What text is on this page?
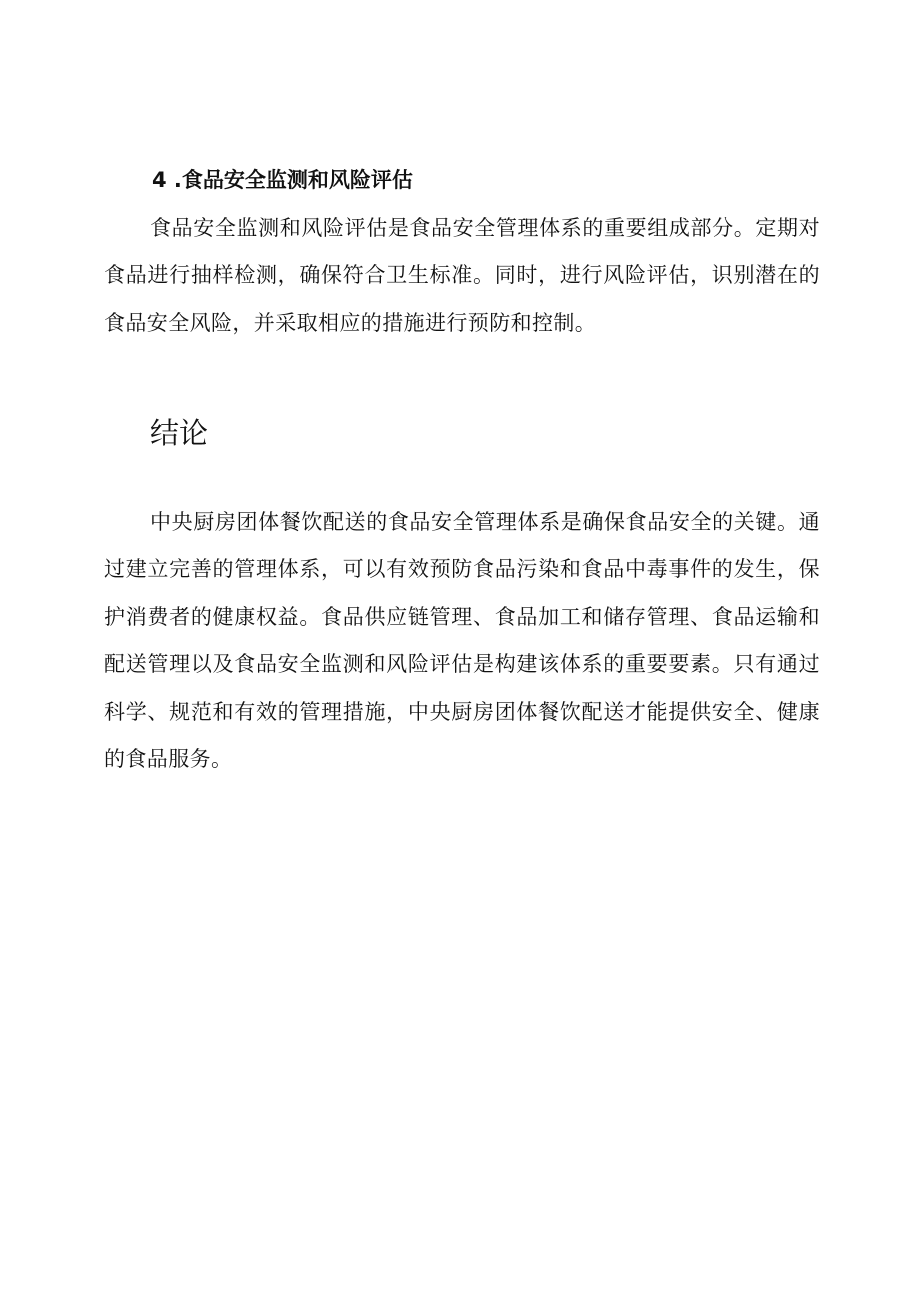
4 .食品安全监测和风险评估

食品安全监测和风险评估是食品安全管理体系的重要组成部分。定期对食品进行抽样检测，确保符合卫生标准。同时，进行风险评估，识别潜在的食品安全风险，并采取相应的措施进行预防和控制。

结论

中央厨房团体餐饮配送的食品安全管理体系是确保食品安全的关键。通过建立完善的管理体系，可以有效预防食品污染和食品中毒事件的发生，保护消费者的健康权益。食品供应链管理、食品加工和储存管理、食品运输和配送管理以及食品安全监测和风险评估是构建该体系的重要要素。只有通过科学、规范和有效的管理措施，中央厨房团体餐饮配送才能提供安全、健康的食品服务。
